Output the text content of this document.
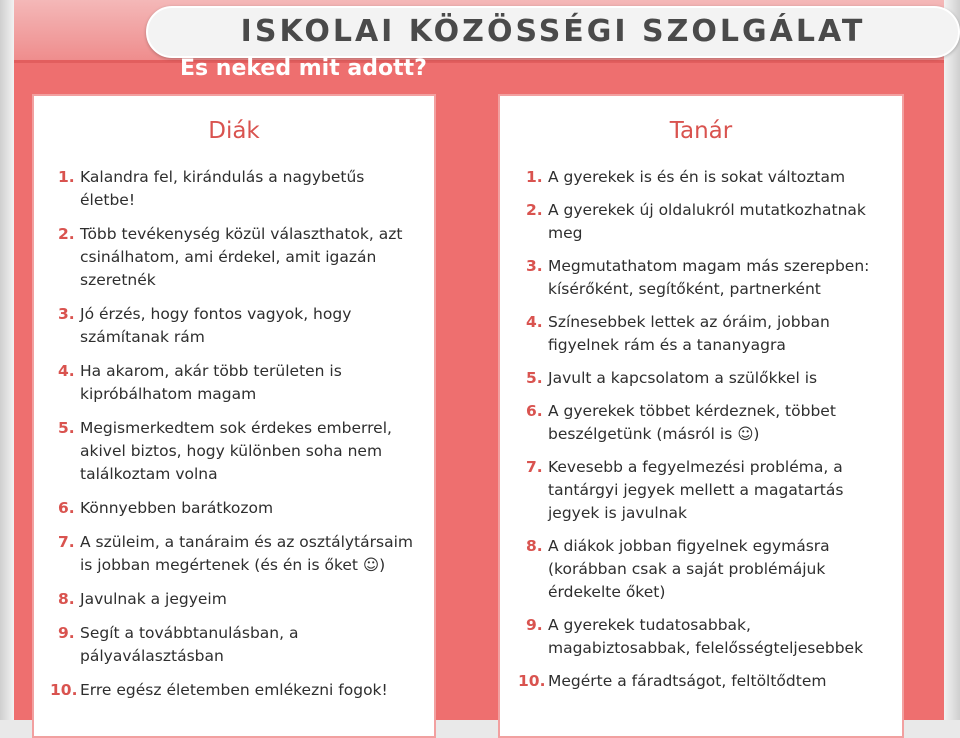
ISKOLAI KÖZÖSSÉGI SZOLGÁLAT
Es neked mit adott?
Diák
1. Kalandra fel, kirándulás a nagybetűs életbe!
2. Több tevékenység közül választhatok, azt csinálhatom, ami érdekel, amit igazán szeretnék
3. Jó érzés, hogy fontos vagyok, hogy számítanak rám
4. Ha akarom, akár több területen is kipróbálhatom magam
5. Megismerkedtem sok érdekes emberrel, akivel biztos, hogy különben soha nem találkoztam volna
6. Könnyebben barátkozom
7. A szüleim, a tanáraim és az osztálytársaim is jobban megértenek (és én is őket ☺)
8. Javulnak a jegyeim
9. Segít a továbbtanulásban, a pályaválasztásban
10. Erre egész életemben emlékezni fogok!
Tanár
1. A gyerekek is és én is sokat változtam
2. A gyerekek új oldalukról mutatkozhatnak meg
3. Megmutathatom magam más szerepben: kísérőként, segítőként, partnerként
4. Színesebbek lettek az óráim, jobban figyelnek rám és a tananyagra
5. Javult a kapcsolatom a szülőkkel is
6. A gyerekek többet kérdeznek, többet beszélgetünk (másról is ☺)
7. Kevesebb a fegyelmezési probléma, a tantárgyi jegyek mellett a magatartás jegyek is javulnak
8. A diákok jobban figyelnek egymásra (korábban csak a saját problémájuk érdekelte őket)
9. A gyerekek tudatosabbak, magabiztosabbak, felelősségteljesebbek
10. Megérte a fáradtságot, feltöltődtem
